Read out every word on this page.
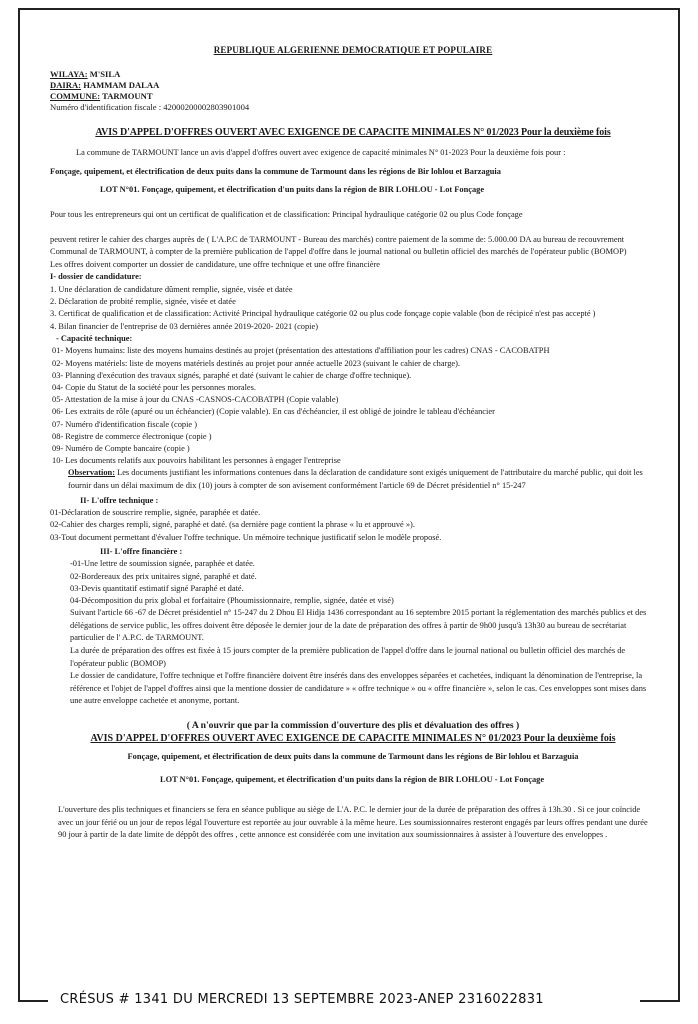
REPUBLIQUE ALGERIENNE DEMOCRATIQUE ET POPULAIRE
WILAYA: M'SILA
DAIRA: HAMMAM DALAA
COMMUNE: TARMOUNT
Numéro d'identification fiscale : 42000200002803901004
AVIS D'APPEL D'OFFRES OUVERT AVEC EXIGENCE DE CAPACITE MINIMALES N° 01/2023 Pour la deuxième fois

La commune de TARMOUNT lance un avis d'appel d'offres ouvert avec exigence de capacité minimales N° 01-2023 Pour la deuxième fois pour :

Fonçage, quipement, et électrification de deux puits dans la commune de Tarmount dans les régions de Bir lohlou et Barzaguia

LOT N°01. Fonçage, quipement, et électrification d'un puits dans la région de BIR LOHLOU - Lot Fonçage

Pour tous les entrepreneurs qui ont un certificat de qualification et de classification: Principal hydraulique catégorie 02 ou plus Code fonçage

peuvent retirer le cahier des charges auprès de ( L'A.P.C de TARMOUNT - Bureau des marchés) contre paiement de la somme de: 5.000.00 DA au bureau de recouvrement Communal de TARMOUNT, à compter de la première publication de l'appel d'offre dans le journal national ou bulletin officiel des marchés de l'opérateur public (BOMOP)

Les offres doivent comporter un dossier de candidature, une offre technique et une offre financière

I- dossier de candidature:
1. Une déclaration de candidature dûment remplie, signée, visée et datée
2. Déclaration de probité remplie, signée, visée et datée
3. Certificat de qualification et de classification: Activité Principal hydraulique catégorie 02 ou plus code fonçage copie valable (bon de récipicé n'est pas accepté )
4. Bilan financier de l'entreprise de 03 dernières année 2019-2020- 2021 (copie)
- Capacité technique:
01- Moyens humains: liste des moyens humains destinés au projet (présentation des attestations d'affiliation pour les cadres) CNAS - CACOBATPH
02- Moyens matériels: liste de moyens matériels destinés au projet pour année actuelle 2023 (suivant le cahier de charge).
03- Planning d'exécution des travaux signés, paraphé et daté (suivant le cahier de charge d'offre technique).
04- Copie du Statut de la société pour les personnes morales.
05- Attestation de la mise à jour du CNAS -CASNOS-CACOBATPH (Copie valable)
06- Les extraits de rôle (apuré ou un échéancier) (Copie valable). En cas d'échéancier, il est obligé de joindre le tableau d'échéancier
07- Numéro d'identification fiscale (copie )
08- Registre de commerce électronique (copie )
09- Numéro de Compte bancaire (copie )
10- Les documents relatifs aux pouvoirs habilitant les personnes à engager l'entreprise

Observation: Les documents justifiant les informations contenues dans la déclaration de candidature sont exigés uniquement de l'attributaire du marché public, qui doit les fournir dans un délai maximum de dix (10) jours à compter de son avisement conformément l'article 69 de Décret présidentiel n° 15-247

II- L'offre technique :
01-Déclaration de souscrire remplie, signée, paraphée et datée.
02-Cahier des charges rempli, signé, paraphé et daté. (sa dernière page contient la phrase « lu et approuvé »).
03-Tout document permettant d'évaluer l'offre technique. Un mémoire technique justificatif selon le modèle proposé.
III- L'offre financière :
-01-Une lettre de soumission signée, paraphée et datée.
02-Bordereaux des prix unitaires signé, paraphé et daté.
03-Devis quantitatif estimatif signé Paraphé et daté.
04-Décomposition du prix global et forfaitaire (Phoumissionnaire, remplie, signée, datée et visé)

Suivant l'article 66 -67 de Décret présidentiel n° 15-247 du 2 Dhou El Hidja 1436 correspondant au 16 septembre 2015 portant la réglementation des marchés publics et des délégations de service public, les offres doivent être déposée le dernier jour de la date de préparation des offres à partir de 9h00 jusqu'à 13h30 au bureau de secrétariat particulier de l' A.P.C. de TARMOUNT.

La durée de préparation des offres est fixée à 15 jours compter de la première publication de l'appel d'offre dans le journal national ou bulletin officiel des marchés de l'opérateur public (BOMOP)

Le dossier de candidature, l'offre technique et l'offre financière doivent être insérés dans des enveloppes séparées et cachetées, indiquant la dénomination de l'entreprise, la référence et l'objet de l'appel d'offres ainsi que la mentione dossier de candidature » « offre technique » ou « offre financière », selon le cas. Ces enveloppes sont mises dans une autre enveloppe cachetée et anonyme, portant.

( A n'ouvrir que par la commission d'ouverture des plis et dévaluation des offres )
AVIS D'APPEL D'OFFRES OUVERT AVEC EXIGENCE DE CAPACITE MINIMALES N° 01/2023 Pour la deuxième fois

Fonçage, quipement, et électrification de deux puits dans la commune de Tarmount dans les régions de Bir lohlou et Barzaguia

LOT N°01. Fonçage, quipement, et électrification d'un puits dans la région de BIR LOHLOU - Lot Fonçage

L'ouverture des plis techniques et financiers se fera en séance publique au siège de L'A. P.C. le dernier jour de la durée de préparation des offres à 13h.30 . Si ce jour coïncide avec un jour férié ou un jour de repos légal l'ouverture est reportée au jour ouvrable à la même heure. Les soumissionnaires resteront engagés par leurs offres pendant une durée 90 jour à partir de la date limite de déppôt des offres , cette annonce est considérée com une invitation aux soumissionnaires à assister à l'ouverture des enveloppes .

CRÉSUS # 1341 DU MERCREDI 13 SEPTEMBRE 2023-ANEP 2316022831
